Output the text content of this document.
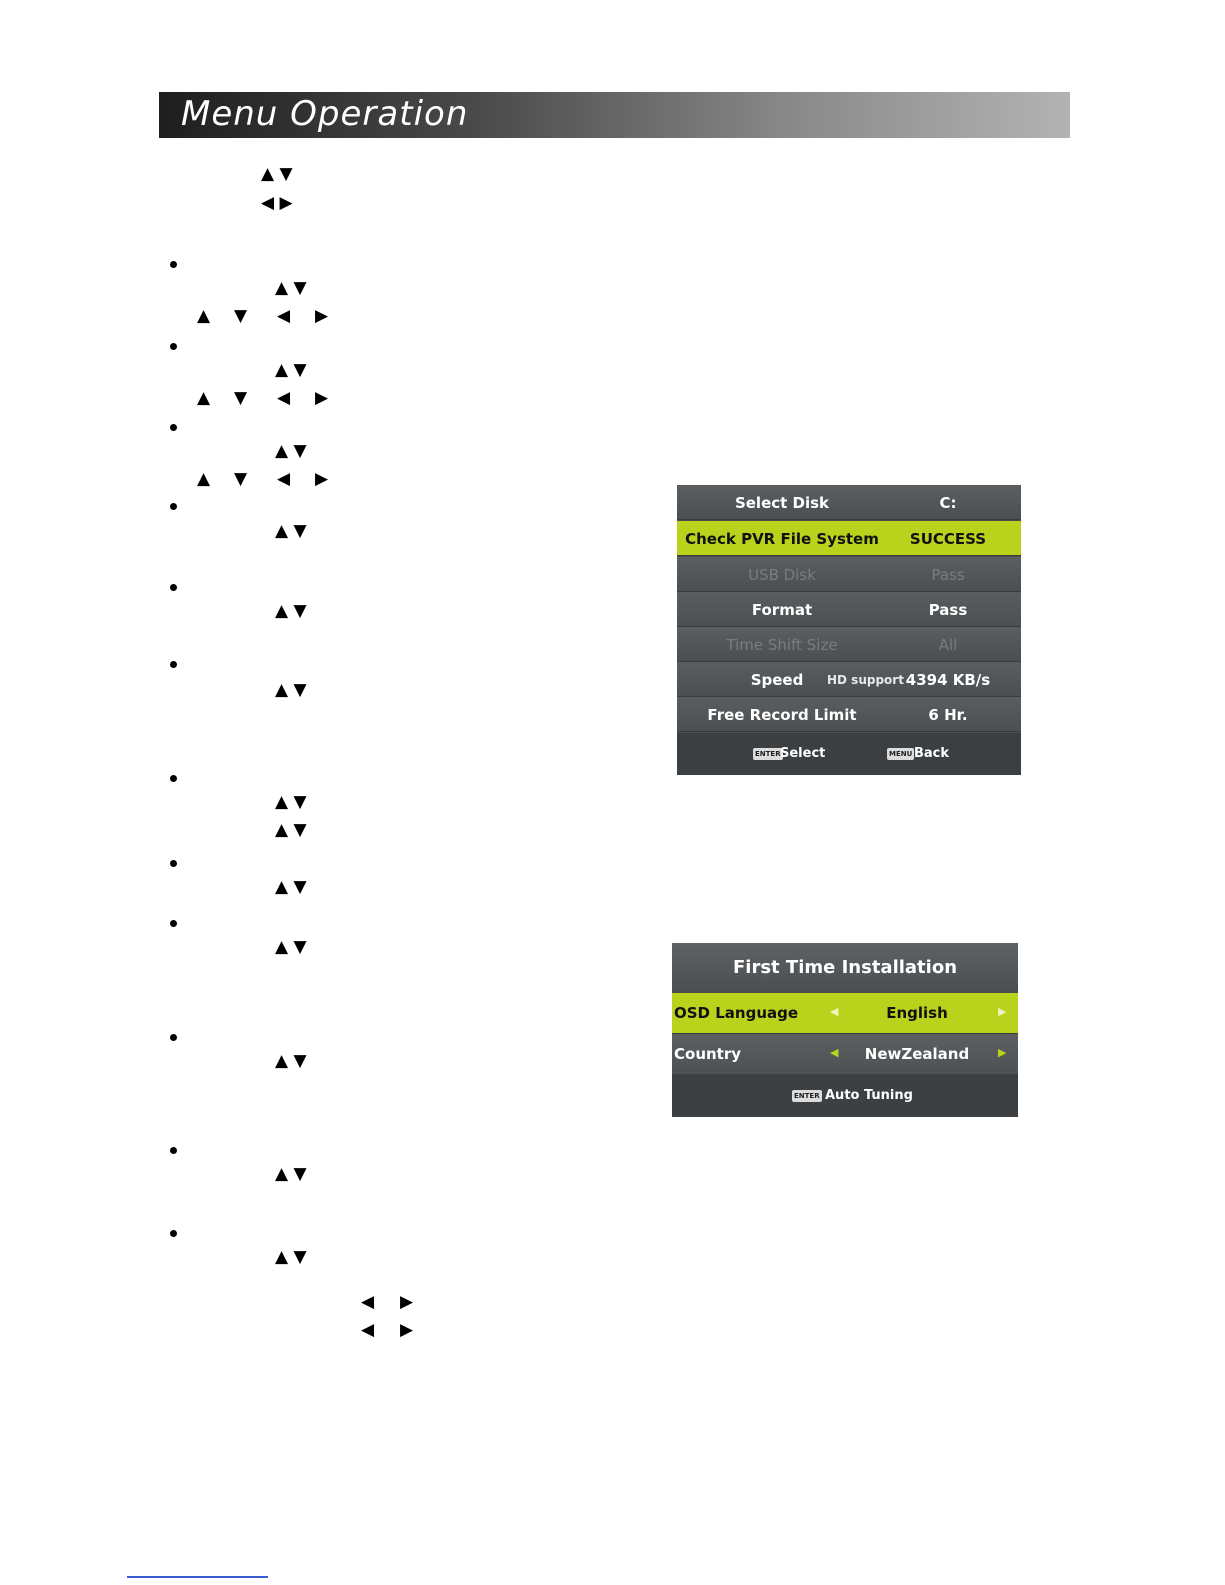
Menu Operation
▲ ▼
◀ ▶
▲ ▼
▲ ▼ ◀ ▶
▲ ▼
▲ ▼ ◀ ▶
▲ ▼
▲ ▼ ◀ ▶
▲ ▼
▲ ▼
▲ ▼
▲ ▼
▲ ▼
▲ ▼
▲ ▼
▲ ▼
▲ ▼
▲ ▼
◀ ▶
◀ ▶
Select Disk	C:
Check PVR File System	SUCCESS
USB Disk	Pass
Format	Pass
Time Shift Size	All
Speed	HD support 4394 KB/s
Free Record Limit	6 Hr.
ENTER Select	MENU Back
First Time Installation
OSD Language	◀	English	▶
Country	◀	NewZealand	▶
ENTER Auto Tuning
